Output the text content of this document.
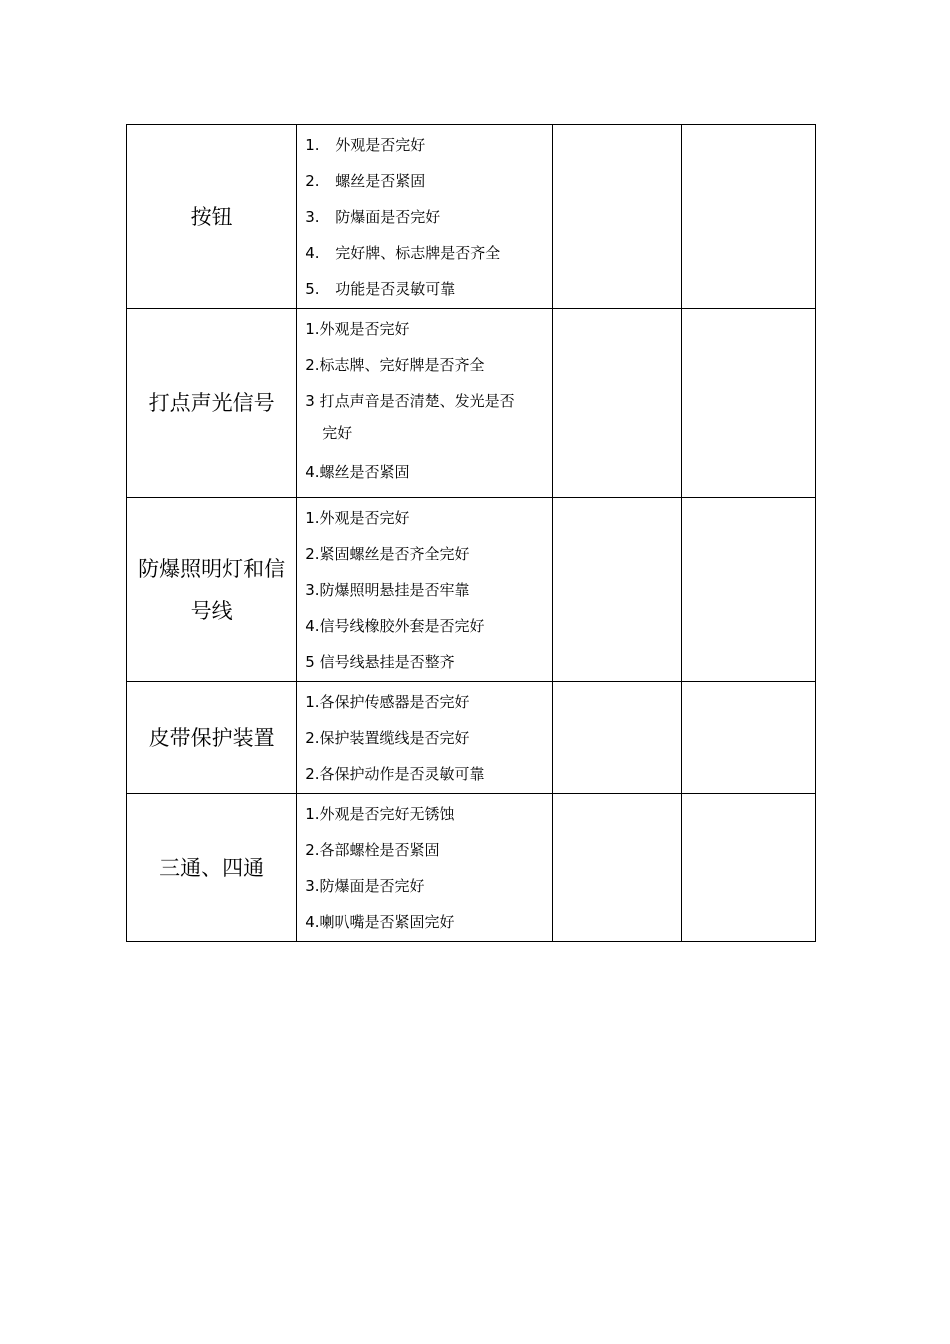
按钮	1. 外观是否完好
2. 螺丝是否紧固
3. 防爆面是否完好
4. 完好牌、标志牌是否齐全
5. 功能是否灵敏可靠		

打点声光信号	1.外观是否完好
2.标志牌、完好牌是否齐全
3 打点声音是否清楚、发光是否
完好
4.螺丝是否紧固		

防爆照明灯和信号线	1.外观是否完好
2.紧固螺丝是否齐全完好
3.防爆照明悬挂是否牢靠
4.信号线橡胶外套是否完好
5 信号线悬挂是否整齐		

皮带保护装置	1.各保护传感器是否完好
2.保护装置缆线是否完好
2.各保护动作是否灵敏可靠		

三通、四通	1.外观是否完好无锈蚀
2.各部螺栓是否紧固
3.防爆面是否完好
4.喇叭嘴是否紧固完好		
